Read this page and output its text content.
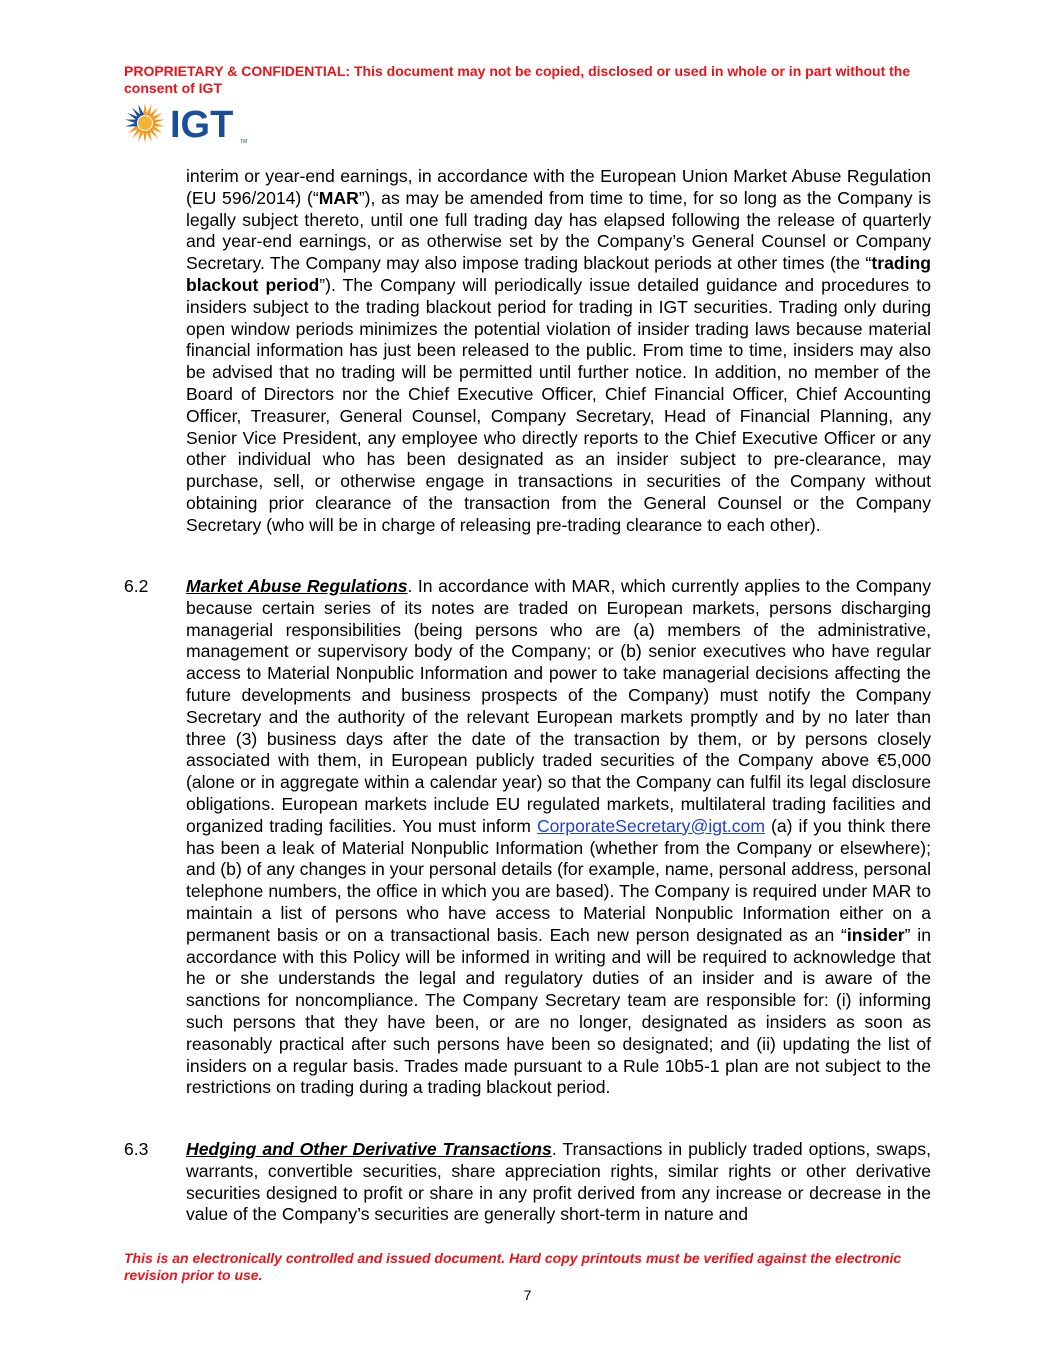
PROPRIETARY & CONFIDENTIAL: This document may not be copied, disclosed or used in whole or in part without the consent of IGT
IGT TM
interim or year-end earnings, in accordance with the European Union Market Abuse Regulation (EU 596/2014) (“MAR”), as may be amended from time to time, for so long as the Company is legally subject thereto, until one full trading day has elapsed following the release of quarterly and year-end earnings, or as otherwise set by the Company’s General Counsel or Company Secretary. The Company may also impose trading blackout periods at other times (the “trading blackout period”). The Company will periodically issue detailed guidance and procedures to insiders subject to the trading blackout period for trading in IGT securities. Trading only during open window periods minimizes the potential violation of insider trading laws because material financial information has just been released to the public. From time to time, insiders may also be advised that no trading will be permitted until further notice. In addition, no member of the Board of Directors nor the Chief Executive Officer, Chief Financial Officer, Chief Accounting Officer, Treasurer, General Counsel, Company Secretary, Head of Financial Planning, any Senior Vice President, any employee who directly reports to the Chief Executive Officer or any other individual who has been designated as an insider subject to pre-clearance, may purchase, sell, or otherwise engage in transactions in securities of the Company without obtaining prior clearance of the transaction from the General Counsel or the Company Secretary (who will be in charge of releasing pre-trading clearance to each other).
6.2 Market Abuse Regulations. In accordance with MAR, which currently applies to the Company because certain series of its notes are traded on European markets, persons discharging managerial responsibilities (being persons who are (a) members of the administrative, management or supervisory body of the Company; or (b) senior executives who have regular access to Material Nonpublic Information and power to take managerial decisions affecting the future developments and business prospects of the Company) must notify the Company Secretary and the authority of the relevant European markets promptly and by no later than three (3) business days after the date of the transaction by them, or by persons closely associated with them, in European publicly traded securities of the Company above €5,000 (alone or in aggregate within a calendar year) so that the Company can fulfil its legal disclosure obligations. European markets include EU regulated markets, multilateral trading facilities and organized trading facilities. You must inform CorporateSecretary@igt.com (a) if you think there has been a leak of Material Nonpublic Information (whether from the Company or elsewhere); and (b) of any changes in your personal details (for example, name, personal address, personal telephone numbers, the office in which you are based). The Company is required under MAR to maintain a list of persons who have access to Material Nonpublic Information either on a permanent basis or on a transactional basis. Each new person designated as an “insider” in accordance with this Policy will be informed in writing and will be required to acknowledge that he or she understands the legal and regulatory duties of an insider and is aware of the sanctions for noncompliance. The Company Secretary team are responsible for: (i) informing such persons that they have been, or are no longer, designated as insiders as soon as reasonably practical after such persons have been so designated; and (ii) updating the list of insiders on a regular basis. Trades made pursuant to a Rule 10b5-1 plan are not subject to the restrictions on trading during a trading blackout period.
6.3 Hedging and Other Derivative Transactions. Transactions in publicly traded options, swaps, warrants, convertible securities, share appreciation rights, similar rights or other derivative securities designed to profit or share in any profit derived from any increase or decrease in the value of the Company’s securities are generally short-term in nature and
This is an electronically controlled and issued document. Hard copy printouts must be verified against the electronic revision prior to use.
7
